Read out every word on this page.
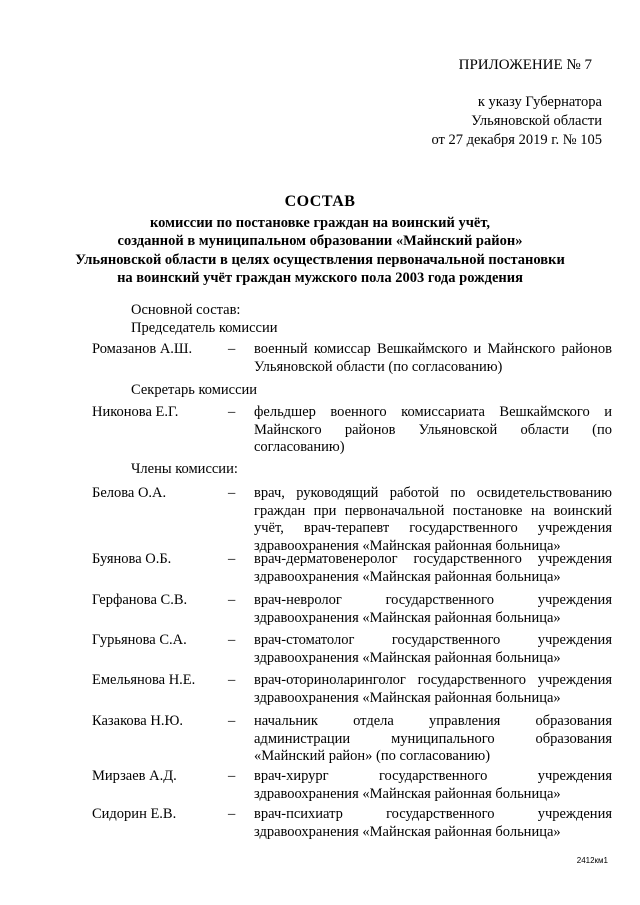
ПРИЛОЖЕНИЕ № 7
к указу Губернатора
Ульяновской области
от 27 декабря 2019 г. № 105
СОСТАВ
комиссии по постановке граждан на воинский учёт,
созданной в муниципальном образовании «Майнский район»
Ульяновской области в целях осуществления первоначальной постановки
на воинский учёт граждан мужского пола 2003 года рождения
Основной состав:
Председатель комиссии
Ромазанов А.Ш.	– военный комиссар Вешкаймского и Майнского районов Ульяновской области (по согласованию)
Секретарь комиссии
Никонова Е.Г.	– фельдшер военного комиссариата Вешкаймского и Майнского районов Ульяновской области (по согласованию)
Члены комиссии:
Белова О.А.	– врач, руководящий работой по освидетельствованию граждан при первоначальной постановке на воинский учёт, врач-терапевт государственного учреждения здравоохранения «Майнская районная больница»
Буянова О.Б.	– врач-дерматовенеролог государственного учреждения здравоохранения «Майнская районная больница»
Герфанова С.В.	– врач-невролог государственного учреждения здравоохранения «Майнская районная больница»
Гурьянова С.А.	– врач-стоматолог государственного учреждения здравоохранения «Майнская районная больница»
Емельянова Н.Е.	– врач-оториноларинголог государственного учреждения здравоохранения «Майнская районная больница»
Казакова Н.Ю.	– начальник отдела управления образования администрации муниципального образования «Майнский район» (по согласованию)
Мирзаев А.Д.	– врач-хирург государственного учреждения здравоохранения «Майнская районная больница»
Сидорин Е.В.	– врач-психиатр государственного учреждения здравоохранения «Майнская районная больница»
2412км1
